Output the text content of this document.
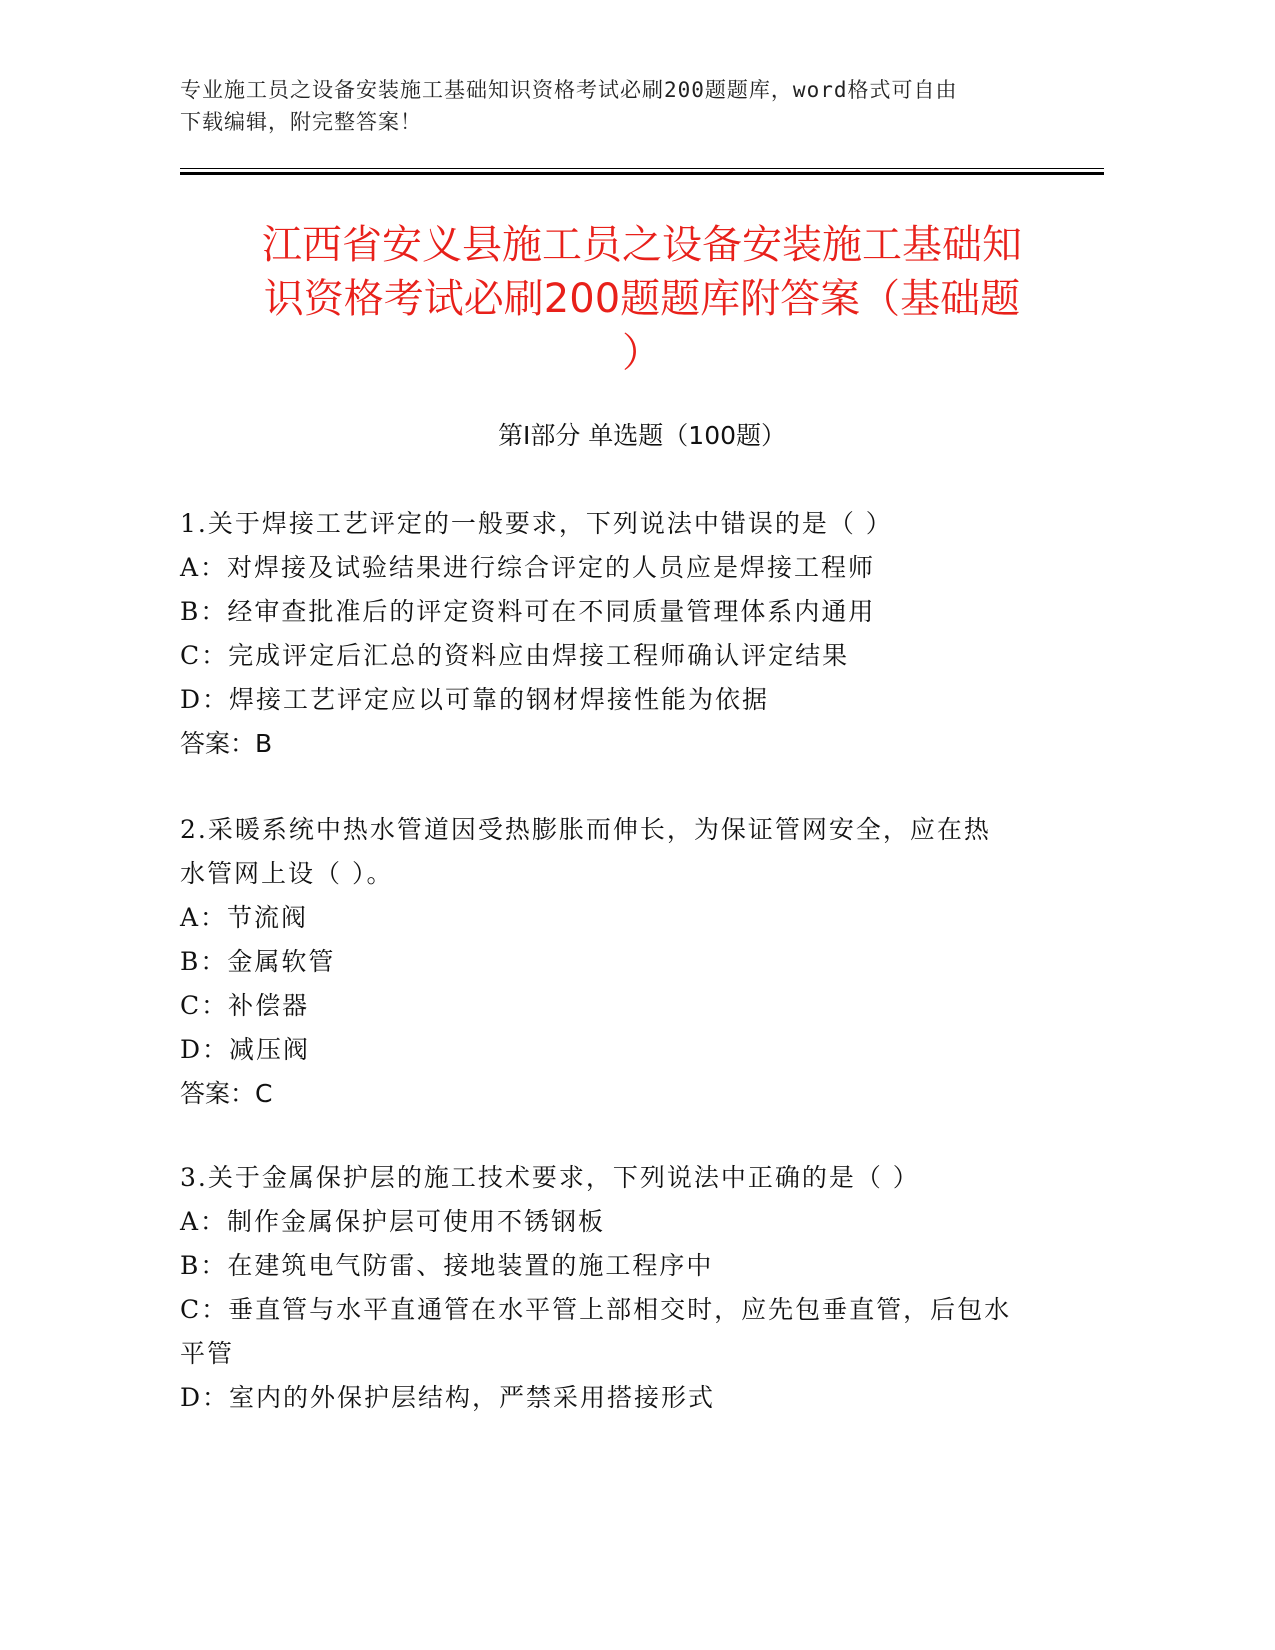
专业施工员之设备安装施工基础知识资格考试必刷200题题库，word格式可自由
下载编辑，附完整答案！
江西省安义县施工员之设备安装施工基础知
识资格考试必刷200题题库附答案（基础题
）
第Ⅰ部分 单选题（100题）
1.关于焊接工艺评定的一般要求，下列说法中错误的是（ ）
A：对焊接及试验结果进行综合评定的人员应是焊接工程师
B：经审查批准后的评定资料可在不同质量管理体系内通用
C：完成评定后汇总的资料应由焊接工程师确认评定结果
D：焊接工艺评定应以可靠的钢材焊接性能为依据
答案：B
2.采暖系统中热水管道因受热膨胀而伸长，为保证管网安全，应在热
水管网上设（ ）。
A：节流阀
B：金属软管
C：补偿器
D：减压阀
答案：C
3.关于金属保护层的施工技术要求，下列说法中正确的是（ ）
A：制作金属保护层可使用不锈钢板
B：在建筑电气防雷、接地装置的施工程序中
C：垂直管与水平直通管在水平管上部相交时，应先包垂直管，后包水
平管
D：室内的外保护层结构，严禁采用搭接形式
